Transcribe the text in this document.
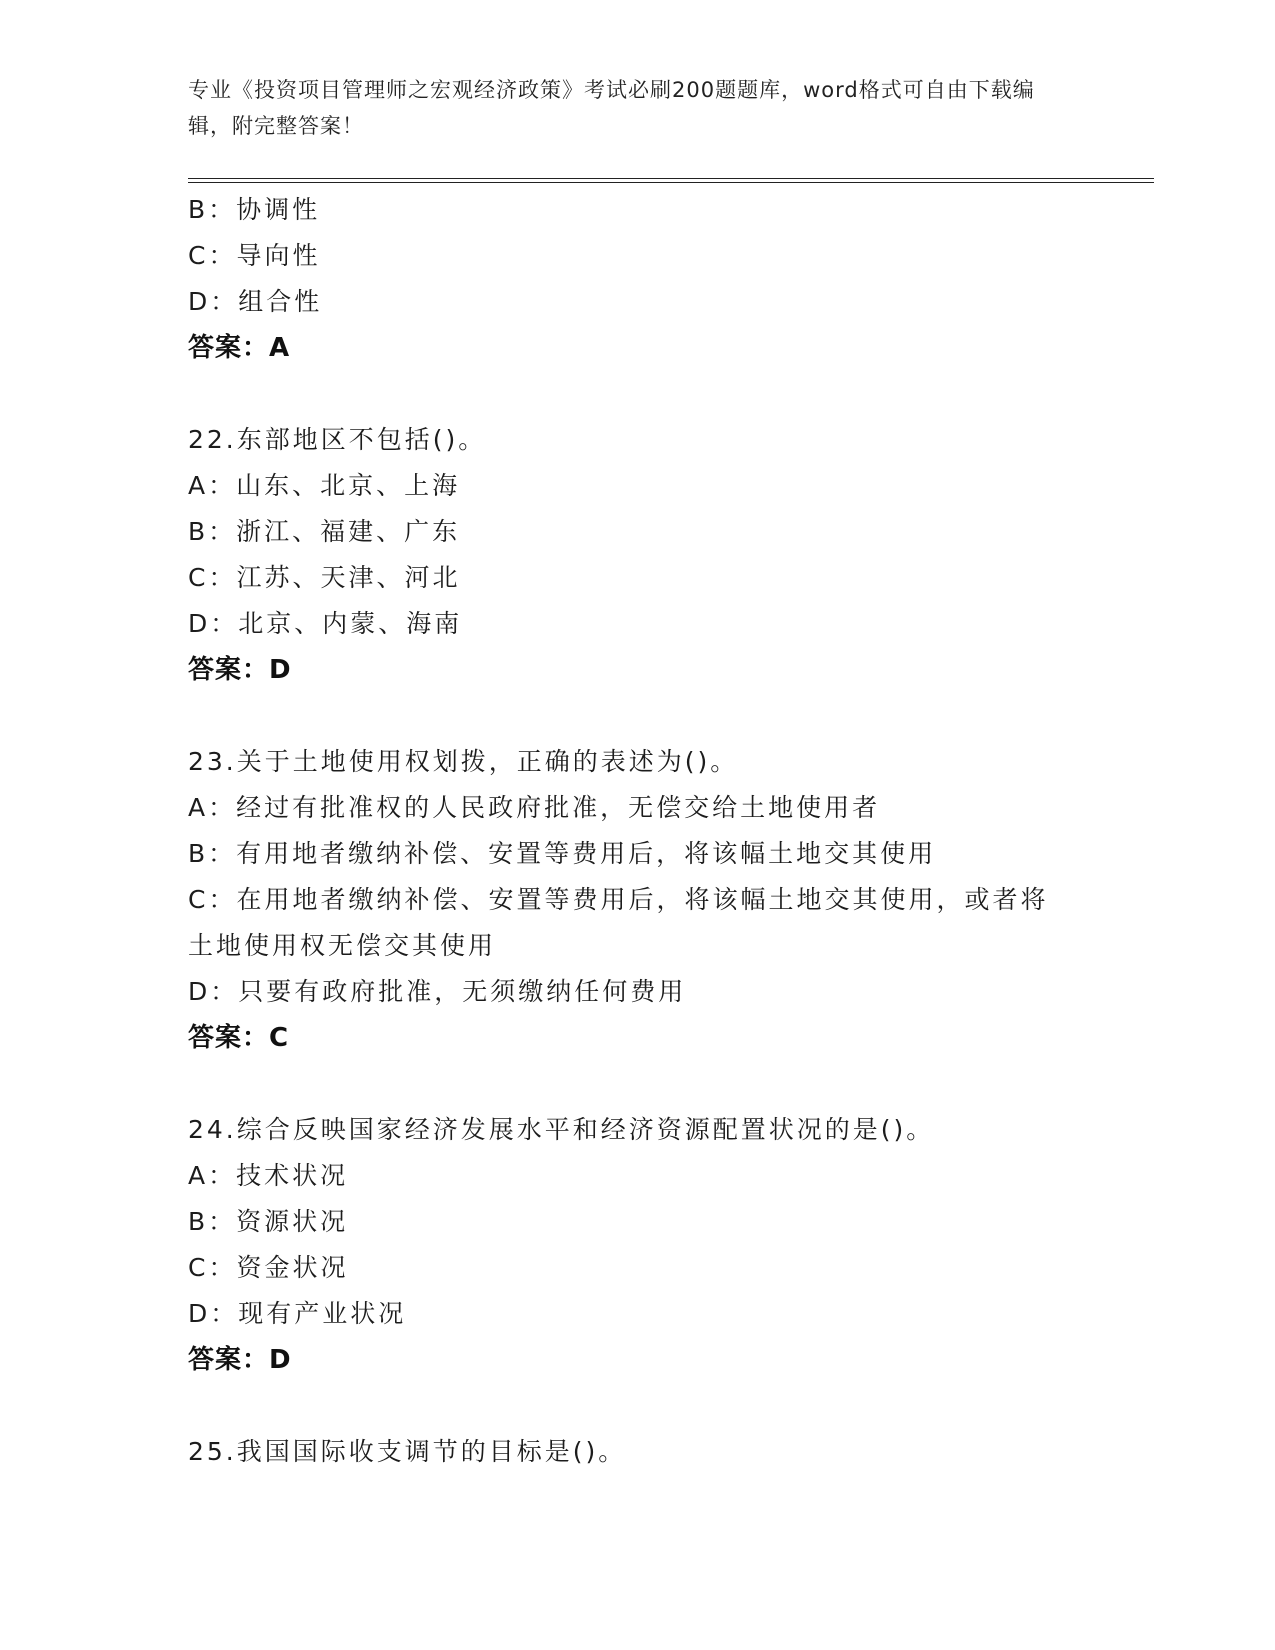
专业《投资项目管理师之宏观经济政策》考试必刷200题题库，word格式可自由下载编辑，附完整答案！
B：协调性
C：导向性
D：组合性
答案：A
22.东部地区不包括()。
A：山东、北京、上海
B：浙江、福建、广东
C：江苏、天津、河北
D：北京、内蒙、海南
答案：D
23.关于土地使用权划拨，正确的表述为()。
A：经过有批准权的人民政府批准，无偿交给土地使用者
B：有用地者缴纳补偿、安置等费用后，将该幅土地交其使用
C：在用地者缴纳补偿、安置等费用后，将该幅土地交其使用，或者将
土地使用权无偿交其使用
D：只要有政府批准，无须缴纳任何费用
答案：C
24.综合反映国家经济发展水平和经济资源配置状况的是()。
A：技术状况
B：资源状况
C：资金状况
D：现有产业状况
答案：D
25.我国国际收支调节的目标是()。
